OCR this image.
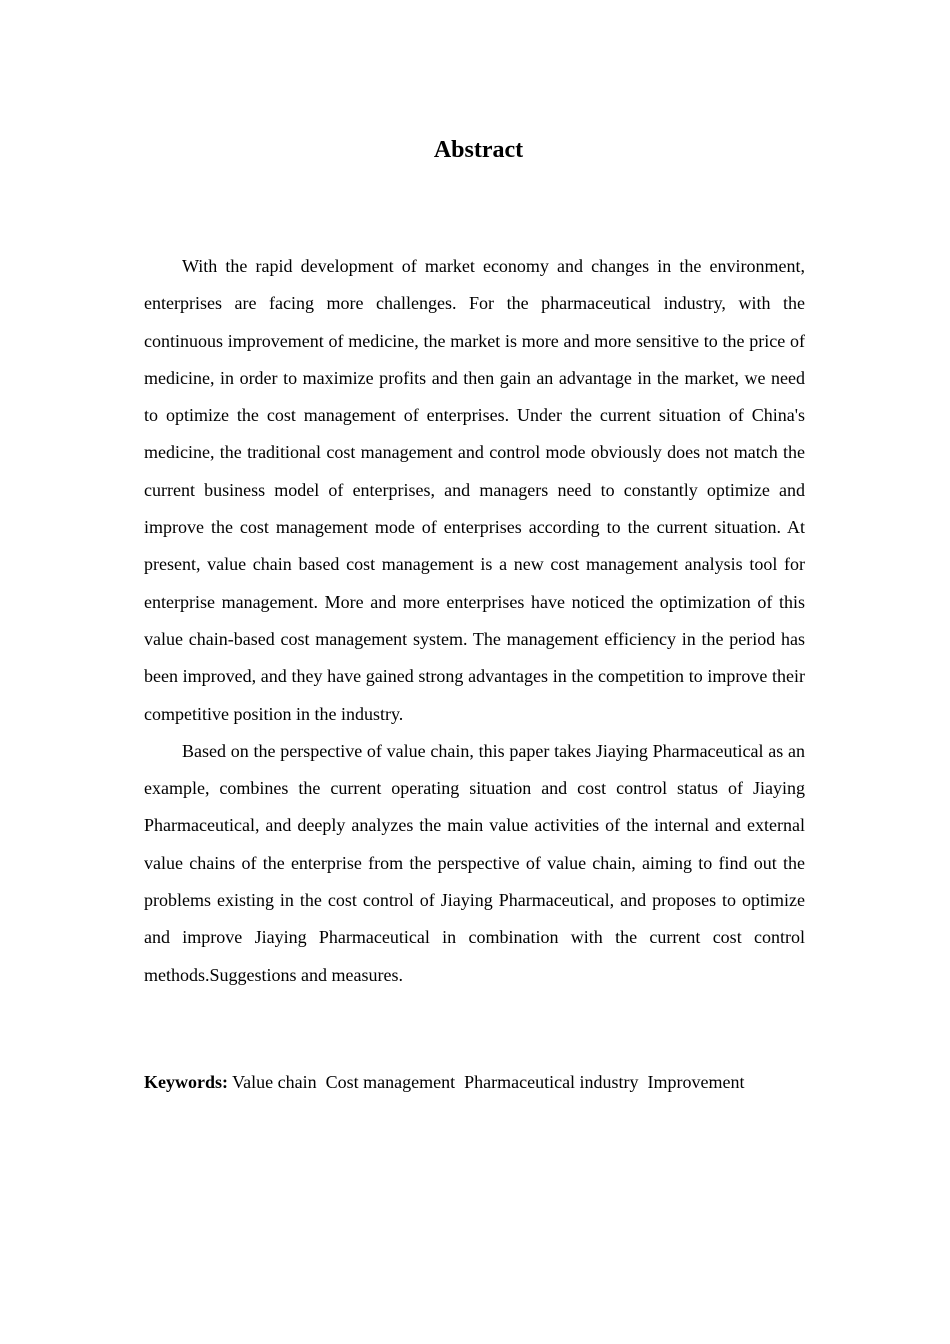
Abstract

With the rapid development of market economy and changes in the environment, enterprises are facing more challenges. For the pharmaceutical industry, with the continuous improvement of medicine, the market is more and more sensitive to the price of medicine, in order to maximize profits and then gain an advantage in the market, we need to optimize the cost management of enterprises. Under the current situation of China's medicine, the traditional cost management and control mode obviously does not match the current business model of enterprises, and managers need to constantly optimize and improve the cost management mode of enterprises according to the current situation. At present, value chain based cost management is a new cost management analysis tool for enterprise management. More and more enterprises have noticed the optimization of this value chain-based cost management system. The management efficiency in the period has been improved, and they have gained strong advantages in the competition to improve their competitive position in the industry.

Based on the perspective of value chain, this paper takes Jiaying Pharmaceutical as an example, combines the current operating situation and cost control status of Jiaying Pharmaceutical, and deeply analyzes the main value activities of the internal and external value chains of the enterprise from the perspective of value chain, aiming to find out the problems existing in the cost control of Jiaying Pharmaceutical, and proposes to optimize and improve Jiaying Pharmaceutical in combination with the current cost control methods.Suggestions and measures.

Keywords: Value chain  Cost management  Pharmaceutical industry  Improvement
